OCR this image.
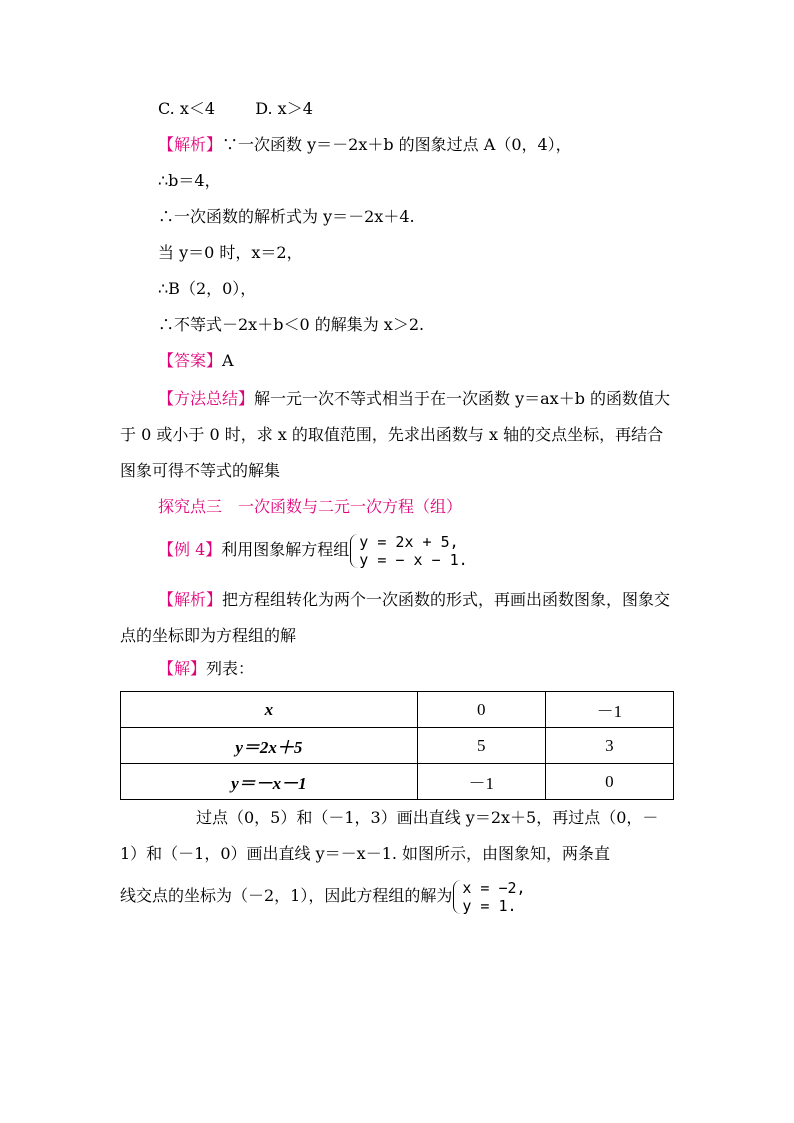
C. x＜4	D. x＞4
【解析】∵一次函数 y＝－2x＋b 的图象过点 A（0，4），
∴b＝4，
∴一次函数的解析式为 y＝－2x＋4.
当 y＝0 时，x＝2，
∴B（2，0），
∴不等式－2x＋b＜0 的解集为 x＞2.
【答案】A
【方法总结】解一元一次不等式相当于在一次函数 y＝ax＋b 的函数值大于 0 或小于 0 时，求 x 的取值范围，先求出函数与 x 轴的交点坐标，再结合图象可得不等式的解集
探究点三　一次函数与二元一次方程（组）
【例 4】利用图象解方程组 y = 2x + 5,
y = − x − 1.
【解析】把方程组转化为两个一次函数的形式，再画出函数图象，图象交点的坐标即为方程组的解
【解】列表：
x	0	－1
y＝2x＋5	5	3
y＝－x－1	－1	0
过点（0，5）和（－1，3）画出直线 y＝2x＋5，再过点（0，－
1）和（－1，0）画出直线 y＝－x－1. 如图所示，由图象知，两条直
线交点的坐标为（－2，1），因此方程组的解为 x = −2,
y = 1.
